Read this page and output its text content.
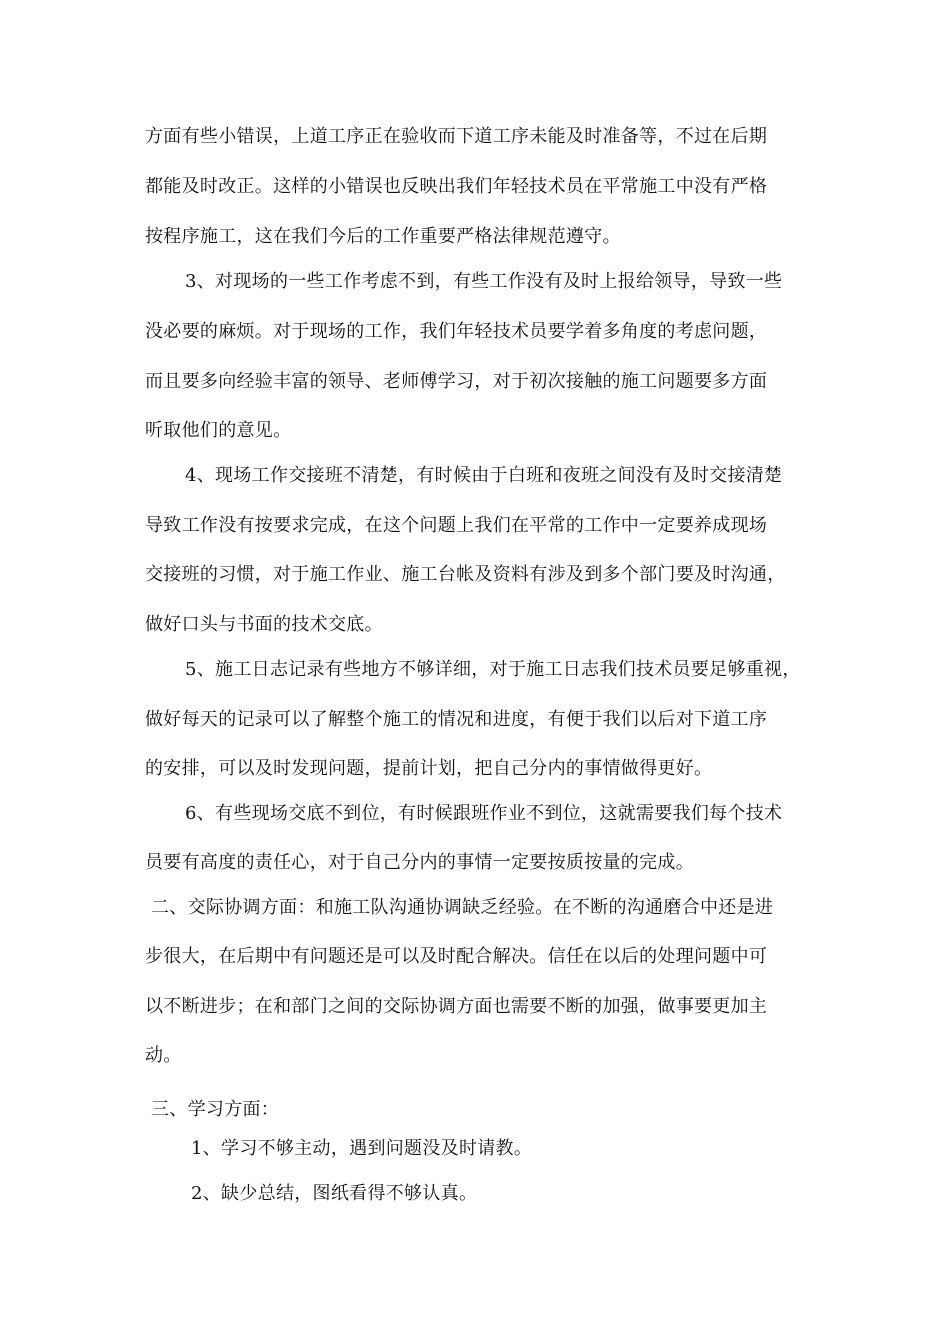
方面有些小错误，上道工序正在验收而下道工序未能及时准备等，不过在后期
都能及时改正。这样的小错误也反映出我们年轻技术员在平常施工中没有严格
按程序施工，这在我们今后的工作重要严格法律规范遵守。
3、对现场的一些工作考虑不到，有些工作没有及时上报给领导，导致一些
没必要的麻烦。对于现场的工作，我们年轻技术员要学着多角度的考虑问题，
而且要多向经验丰富的领导、老师傅学习，对于初次接触的施工问题要多方面
听取他们的意见。
4、现场工作交接班不清楚，有时候由于白班和夜班之间没有及时交接清楚
导致工作没有按要求完成，在这个问题上我们在平常的工作中一定要养成现场
交接班的习惯，对于施工作业、施工台帐及资料有涉及到多个部门要及时沟通，
做好口头与书面的技术交底。
5、施工日志记录有些地方不够详细，对于施工日志我们技术员要足够重视，
做好每天的记录可以了解整个施工的情况和进度，有便于我们以后对下道工序
的安排，可以及时发现问题，提前计划，把自己分内的事情做得更好。
6、有些现场交底不到位，有时候跟班作业不到位，这就需要我们每个技术
员要有高度的责任心，对于自己分内的事情一定要按质按量的完成。
二、交际协调方面：和施工队沟通协调缺乏经验。在不断的沟通磨合中还是进
步很大，在后期中有问题还是可以及时配合解决。信任在以后的处理问题中可
以不断进步；在和部门之间的交际协调方面也需要不断的加强，做事要更加主
动。
三、学习方面：
1、学习不够主动，遇到问题没及时请教。
2、缺少总结，图纸看得不够认真。
